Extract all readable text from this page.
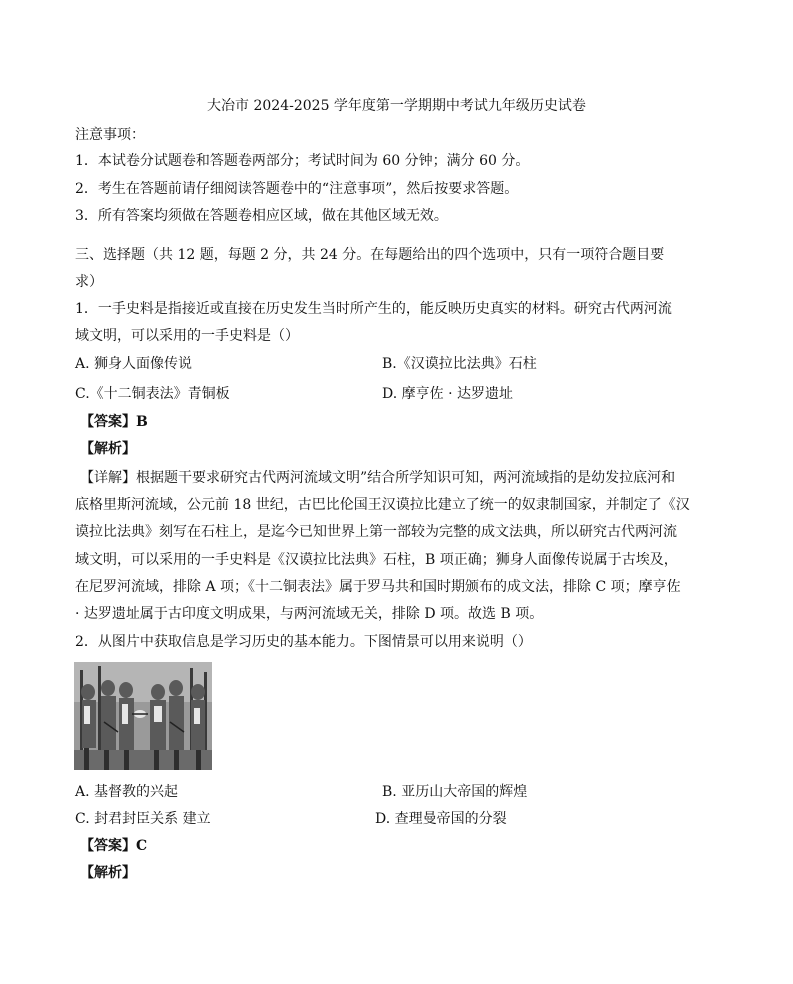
大冶市 2024-2025 学年度第一学期期中考试九年级历史试卷
注意事项：
1．本试卷分试题卷和答题卷两部分；考试时间为 60 分钟；满分 60 分。
2．考生在答题前请仔细阅读答题卷中的“注意事项”，然后按要求答题。
3．所有答案均须做在答题卷相应区域，做在其他区域无效。
三、选择题（共 12 题，每题 2 分，共 24 分。在每题给出的四个选项中，只有一项符合题目要
求）
1．一手史料是指接近或直接在历史发生当时所产生的，能反映历史真实的材料。研究古代两河流
域文明，可以采用的一手史料是（）
A. 狮身人面像传说	B.《汉谟拉比法典》石柱
C.《十二铜表法》青铜板	D. 摩亨佐 · 达罗遗址
【答案】B
【解析】
【详解】根据题干要求研究古代两河流域文明”结合所学知识可知，两河流域指的是幼发拉底河和
底格里斯河流域，公元前 18 世纪，古巴比伦国王汉谟拉比建立了统一的奴隶制国家，并制定了《汉
谟拉比法典》刻写在石柱上，是迄今已知世界上第一部较为完整的成文法典，所以研究古代两河流
域文明，可以采用的一手史料是《汉谟拉比法典》石柱，B 项正确；狮身人面像传说属于古埃及，
在尼罗河流域，排除 A 项；《十二铜表法》属于罗马共和国时期颁布的成文法，排除 C 项；摩亨佐
· 达罗遗址属于古印度文明成果，与两河流域无关，排除 D 项。故选 B 项。
2．从图片中获取信息是学习历史的基本能力。下图情景可以用来说明（）
A. 基督教的兴起	B. 亚历山大帝国的辉煌
C. 封君封臣关系 建立	D. 查理曼帝国的分裂
【答案】C
【解析】
